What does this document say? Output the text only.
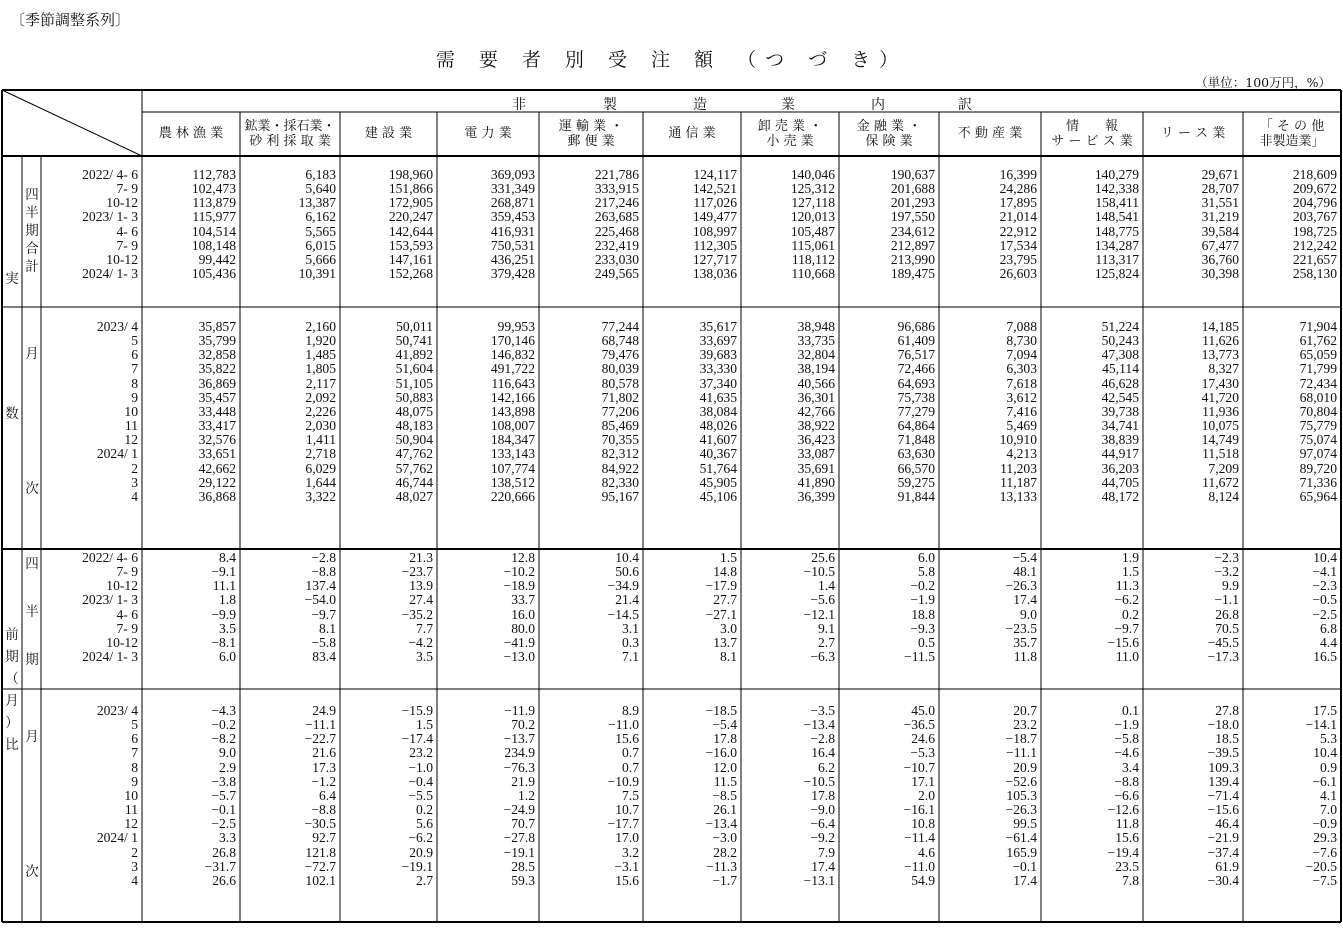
〔季節調整系列〕
需 要 者 別 受 注 額 （つ づ き）
（単位：100万円，%）
非	製	造	業	内	訳
農 林 漁 業	鉱業・採石業・
砂 利 採 取 業
建 設 業	電 力 業	運 輸 業 ・
郵 便 業
通 信 業	卸 売 業 ・
小 売 業
金 融 業 ・
保 険 業
不 動 産 業	情　　報
サ ー ビ ス 業
リ ー ス 業	「 そ の 他
非製造業」
実
数
四
半
期
合
計
月
次
前
期
（
月
）
比
四
半
期
月
次
2022/ 4- 6	112,783	6,183	198,960	369,093	221,786	124,117	140,046	190,637	16,399	140,279	29,671	218,609
7- 9	102,473	5,640	151,866	331,349	333,915	142,521	125,312	201,688	24,286	142,338	28,707	209,672
10-12	113,879	13,387	172,905	268,871	217,246	117,026	127,118	201,293	17,895	158,411	31,551	204,796
2023/ 1- 3	115,977	6,162	220,247	359,453	263,685	149,477	120,013	197,550	21,014	148,541	31,219	203,767
4- 6	104,514	5,565	142,644	416,931	225,468	108,997	105,487	234,612	22,912	148,775	39,584	198,725
7- 9	108,148	6,015	153,593	750,531	232,419	112,305	115,061	212,897	17,534	134,287	67,477	212,242
10-12	99,442	5,666	147,161	436,251	233,030	127,717	118,112	213,990	23,795	113,317	36,760	221,657
2024/ 1- 3	105,436	10,391	152,268	379,428	249,565	138,036	110,668	189,475	26,603	125,824	30,398	258,130
2023/ 4	35,857	2,160	50,011	99,953	77,244	35,617	38,948	96,686	7,088	51,224	14,185	71,904
5	35,799	1,920	50,741	170,146	68,748	33,697	33,735	61,409	8,730	50,243	11,626	61,762
6	32,858	1,485	41,892	146,832	79,476	39,683	32,804	76,517	7,094	47,308	13,773	65,059
7	35,822	1,805	51,604	491,722	80,039	33,330	38,194	72,466	6,303	45,114	8,327	71,799
8	36,869	2,117	51,105	116,643	80,578	37,340	40,566	64,693	7,618	46,628	17,430	72,434
9	35,457	2,092	50,883	142,166	71,802	41,635	36,301	75,738	3,612	42,545	41,720	68,010
10	33,448	2,226	48,075	143,898	77,206	38,084	42,766	77,279	7,416	39,738	11,936	70,804
11	33,417	2,030	48,183	108,007	85,469	48,026	38,922	64,864	5,469	34,741	10,075	75,779
12	32,576	1,411	50,904	184,347	70,355	41,607	36,423	71,848	10,910	38,839	14,749	75,074
2024/ 1	33,651	2,718	47,762	133,143	82,312	40,367	33,087	63,630	4,213	44,917	11,518	97,074
2	42,662	6,029	57,762	107,774	84,922	51,764	35,691	66,570	11,203	36,203	7,209	89,720
3	29,122	1,644	46,744	138,512	82,330	45,905	41,890	59,275	11,187	44,705	11,672	71,336
4	36,868	3,322	48,027	220,666	95,167	45,106	36,399	91,844	13,133	48,172	8,124	65,964
2022/ 4- 6	8.4	−2.8	21.3	12.8	10.4	1.5	25.6	6.0	−5.4	1.9	−2.3	10.4
7- 9	−9.1	−8.8	−23.7	−10.2	50.6	14.8	−10.5	5.8	48.1	1.5	−3.2	−4.1
10-12	11.1	137.4	13.9	−18.9	−34.9	−17.9	1.4	−0.2	−26.3	11.3	9.9	−2.3
2023/ 1- 3	1.8	−54.0	27.4	33.7	21.4	27.7	−5.6	−1.9	17.4	−6.2	−1.1	−0.5
4- 6	−9.9	−9.7	−35.2	16.0	−14.5	−27.1	−12.1	18.8	9.0	0.2	26.8	−2.5
7- 9	3.5	8.1	7.7	80.0	3.1	3.0	9.1	−9.3	−23.5	−9.7	70.5	6.8
10-12	−8.1	−5.8	−4.2	−41.9	0.3	13.7	2.7	0.5	35.7	−15.6	−45.5	4.4
2024/ 1- 3	6.0	83.4	3.5	−13.0	7.1	8.1	−6.3	−11.5	11.8	11.0	−17.3	16.5
2023/ 4	−4.3	24.9	−15.9	−11.9	8.9	−18.5	−3.5	45.0	20.7	0.1	27.8	17.5
5	−0.2	−11.1	1.5	70.2	−11.0	−5.4	−13.4	−36.5	23.2	−1.9	−18.0	−14.1
6	−8.2	−22.7	−17.4	−13.7	15.6	17.8	−2.8	24.6	−18.7	−5.8	18.5	5.3
7	9.0	21.6	23.2	234.9	0.7	−16.0	16.4	−5.3	−11.1	−4.6	−39.5	10.4
8	2.9	17.3	−1.0	−76.3	0.7	12.0	6.2	−10.7	20.9	3.4	109.3	0.9
9	−3.8	−1.2	−0.4	21.9	−10.9	11.5	−10.5	17.1	−52.6	−8.8	139.4	−6.1
10	−5.7	6.4	−5.5	1.2	7.5	−8.5	17.8	2.0	105.3	−6.6	−71.4	4.1
11	−0.1	−8.8	0.2	−24.9	10.7	26.1	−9.0	−16.1	−26.3	−12.6	−15.6	7.0
12	−2.5	−30.5	5.6	70.7	−17.7	−13.4	−6.4	10.8	99.5	11.8	46.4	−0.9
2024/ 1	3.3	92.7	−6.2	−27.8	17.0	−3.0	−9.2	−11.4	−61.4	15.6	−21.9	29.3
2	26.8	121.8	20.9	−19.1	3.2	28.2	7.9	4.6	165.9	−19.4	−37.4	−7.6
3	−31.7	−72.7	−19.1	28.5	−3.1	−11.3	17.4	−11.0	−0.1	23.5	61.9	−20.5
4	26.6	102.1	2.7	59.3	15.6	−1.7	−13.1	54.9	17.4	7.8	−30.4	−7.5
